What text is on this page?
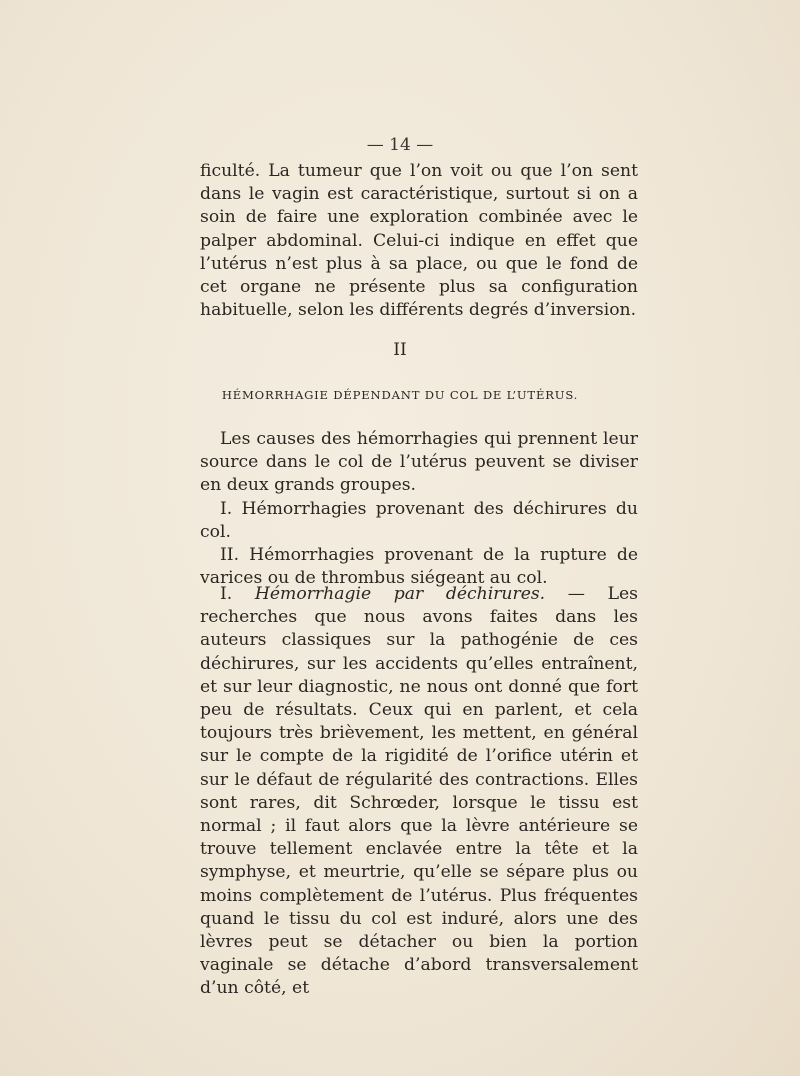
— 14 —

ficulté. La tumeur que l’on voit ou que l’on sent dans le vagin est caractéristique, surtout si on a soin de faire une exploration combinée avec le palper abdominal. Celui-ci indique en effet que l’utérus n’est plus à sa place, ou que le fond de cet organe ne présente plus sa configuration habituelle, selon les différents degrés d’inversion.

II
HÉMORRHAGIE DÉPENDANT DU COL DE L’UTÉRUS.

Les causes des hémorrhagies qui prennent leur source dans le col de l’utérus peuvent se diviser en deux grands groupes.

I. Hémorrhagies provenant des déchirures du col.

II. Hémorrhagies provenant de la rupture de varices ou de thrombus siégeant au col.

I. Hémorrhagie par déchirures. — Les recherches que nous avons faites dans les auteurs classiques sur la pathogénie de ces déchirures, sur les accidents qu’elles entraînent, et sur leur diagnostic, ne nous ont donné que fort peu de résultats. Ceux qui en parlent, et cela toujours très brièvement, les mettent, en général sur le compte de la rigidité de l’orifice utérin et sur le défaut de régularité des contractions. Elles sont rares, dit Schrœder, lorsque le tissu est normal ; il faut alors que la lèvre antérieure se trouve tellement enclavée entre la tête et la symphyse, et meurtrie, qu’elle se sépare plus ou moins complètement de l’utérus. Plus fréquentes quand le tissu du col est induré, alors une des lèvres peut se détacher ou bien la portion vaginale se détache d’abord transversalement d’un côté, et
